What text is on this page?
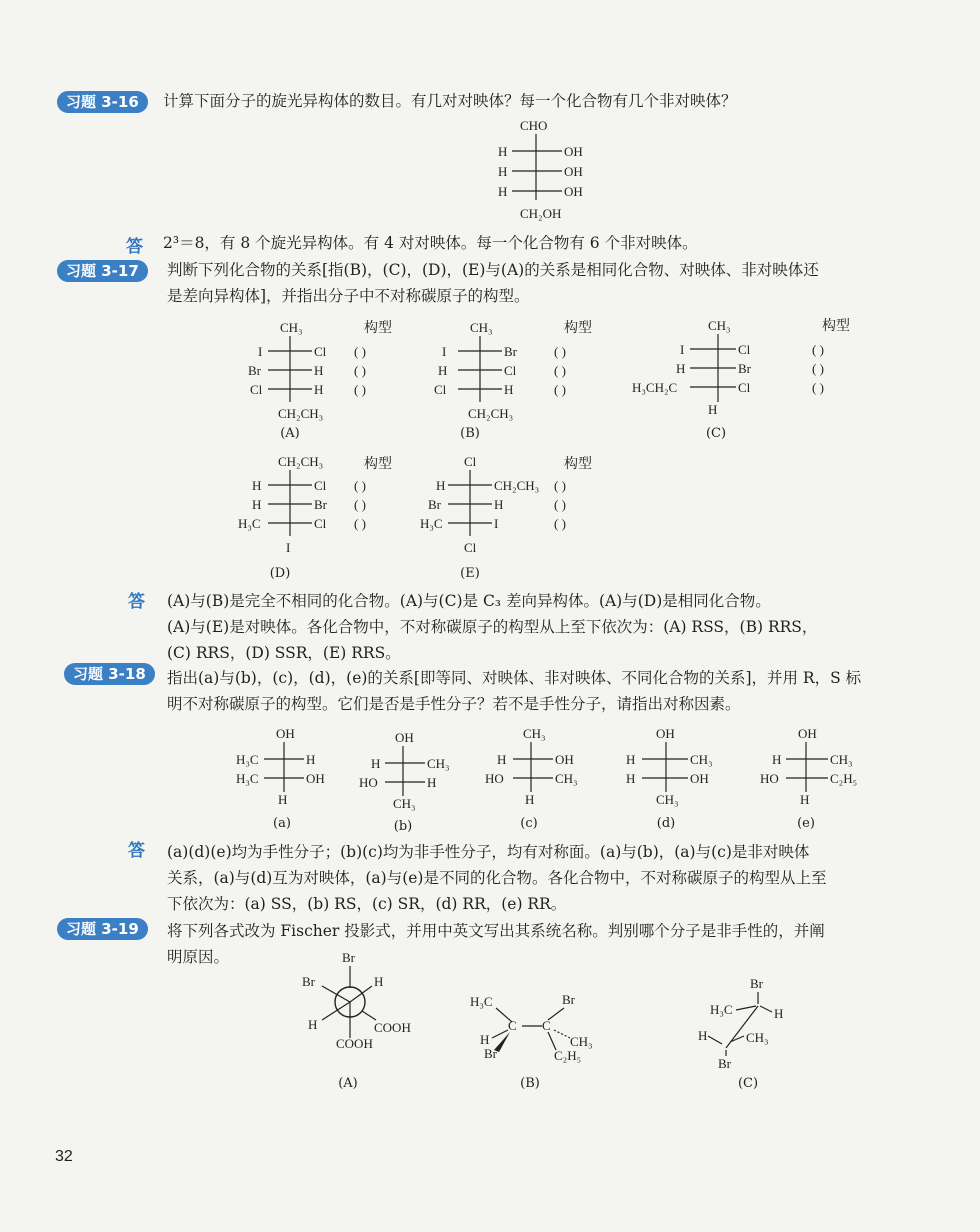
习题 3-16	计算下面分子的旋光异构体的数目。有几对对映体？每一个化合物有几个非对映体？
CHO
H	OH
H	OH
H	OH
CH₂OH
答 2³＝8，有 8 个旋光异构体。有 4 对对映体。每一个化合物有 6 个非对映体。
习题 3-17	判断下列化合物的关系[指(B)，(C)，(D)，(E)与(A)的关系是相同化合物、对映体、非对映体还
是差向异构体]，并指出分子中不对称碳原子的构型。
CH₃
I	Cl
Br	H
Cl	H
CH₂CH₃
构型
( )
( )
( )
(A)
CH₃
I	Br
H	Cl
Cl	H
CH₂CH₃
构型
( )
( )
( )
(B)
CH₃
I	Cl
H	Br
H₃CH₂C	Cl
H
构型
( )
( )
( )
(C)
CH₂CH₃
H	Cl
H	Br
H₃C	Cl
I
构型
( )
( )
( )
(D)
Cl
H	CH₂CH₃
Br	H
H₃C	I
Cl
构型
( )
( )
( )
(E)
答 (A)与(B)是完全不相同的化合物。(A)与(C)是 C₃ 差向异构体。(A)与(D)是相同化合物。
(A)与(E)是对映体。各化合物中，不对称碳原子的构型从上至下依次为：(A) RSS，(B) RRS，
(C) RRS，(D) SSR，(E) RRS。
习题 3-18	指出(a)与(b)，(c)，(d)，(e)的关系[即等同、对映体、非对映体、不同化合物的关系]，并用 R，S 标
明不对称碳原子的构型。它们是否是手性分子？若不是手性分子，请指出对称因素。
OH
H₃C	H
H₃C	OH
H
(a)
OH
H	CH₃
HO	H
CH₃
(b)
CH₃
H	OH
HO	CH₃
H
(c)
OH
H	CH₃
H	OH
CH₃
(d)
OH
H	CH₃
HO	C₂H₅
H
(e)
答 (a)(d)(e)均为手性分子；(b)(c)均为非手性分子，均有对称面。(a)与(b)，(a)与(c)是非对映体
关系，(a)与(d)互为对映体，(a)与(e)是不同的化合物。各化合物中，不对称碳原子的构型从上至
下依次为：(a) SS，(b) RS，(c) SR，(d) RR，(e) RR。
习题 3-19	将下列各式改为 Fischer 投影式，并用中英文写出其系统名称。判别哪个分子是非手性的，并阐
明原因。	Br
H
Br
H	COOH
COOH
(A)
H₃C	Br
C C
H
Br
CH₃
C₂H₅
(B)
Br
H₃C	H
H	CH₃
Br
(C)
32
